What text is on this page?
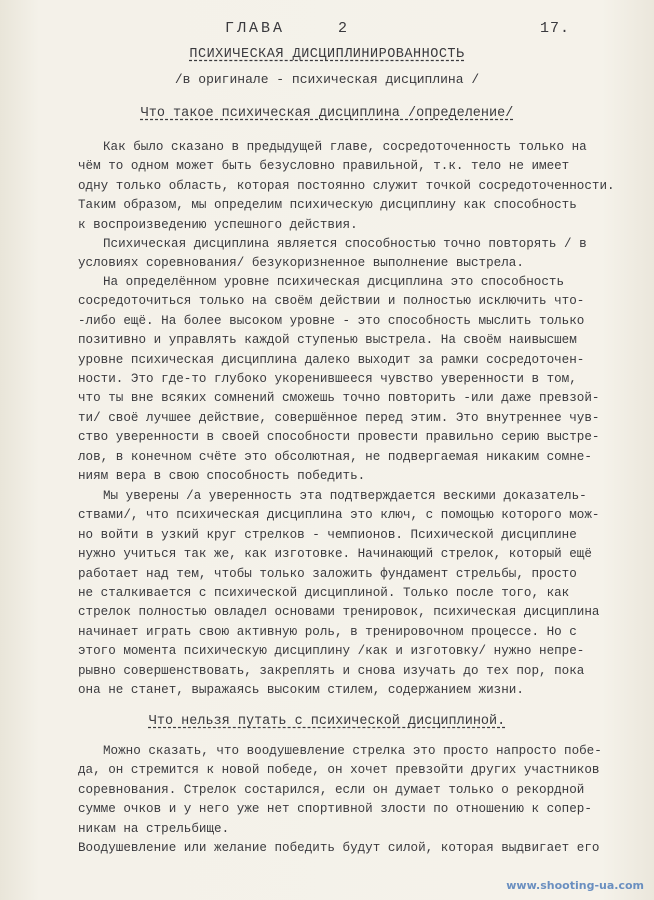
ГЛАВА	2	17.
ПСИХИЧЕСКАЯ ДИСЦИПЛИНИРОВАННОСТЬ
/в оригинале - психическая дисциплина /
Что такое психическая дисциплина /определение/
Как было сказано в предыдущей главе, сосредоточенность только на
чём то одном может быть безусловно правильной, т.к. тело не имеет
одну только область, которая постоянно служит точкой сосредоточенности.
Таким образом, мы определим психическую дисциплину как способность
к воспроизведению успешного действия.
Психическая дисциплина является способностью точно повторять / в
условиях соревнования/ безукоризненное выполнение выстрела.
На определённом уровне психическая дисциплина это способность
сосредоточиться только на своём действии и полностью исключить что-
-либо ещё. На более высоком уровне - это способность мыслить только
позитивно и управлять каждой ступенью выстрела. На своём наивысшем
уровне психическая дисциплина далеко выходит за рамки сосредоточен-
ности. Это где-то глубоко укоренившееся чувство уверенности в том,
что ты вне всяких сомнений сможешь точно повторить -или даже превзой-
ти/ своё лучшее действие, совершённое перед этим. Это внутреннее чув-
ство уверенности в своей способности провести правильно серию выстре-
лов, в конечном счёте это обсолютная, не подвергаемая никаким сомне-
ниям вера в свою способность победить.
Мы уверены /а уверенность эта подтверждается вескими доказатель-
ствами/, что психическая дисциплина это ключ, с помощью которого мож-
но войти в узкий круг стрелков - чемпионов. Психической дисциплине
нужно учиться так же, как изготовке. Начинающий стрелок, который ещё
работает над тем, чтобы только заложить фундамент стрельбы, просто
не сталкивается с психической дисциплиной. Только после того, как
стрелок полностью овладел основами тренировок, психическая дисциплина
начинает играть свою активную роль, в тренировочном процессе. Но с
этого момента психическую дисциплину /как и изготовку/ нужно непре-
рывно совершенствовать, закреплять и снова изучать до тех пор, пока
она не станет, выражаясь высоким стилем, содержанием жизни.
Что нельзя путать с психической дисциплиной.
Можно сказать, что воодушевление стрелка это просто напросто побе-
да, он стремится к новой победе, он хочет превзойти других участников
соревнования. Стрелок состарился, если он думает только о рекордной
сумме очков и у него уже нет спортивной злости по отношению к сопер-
никам на стрельбище.
Воодушевление или желание победить будут силой, которая выдвигает его
www.shooting-ua.com
